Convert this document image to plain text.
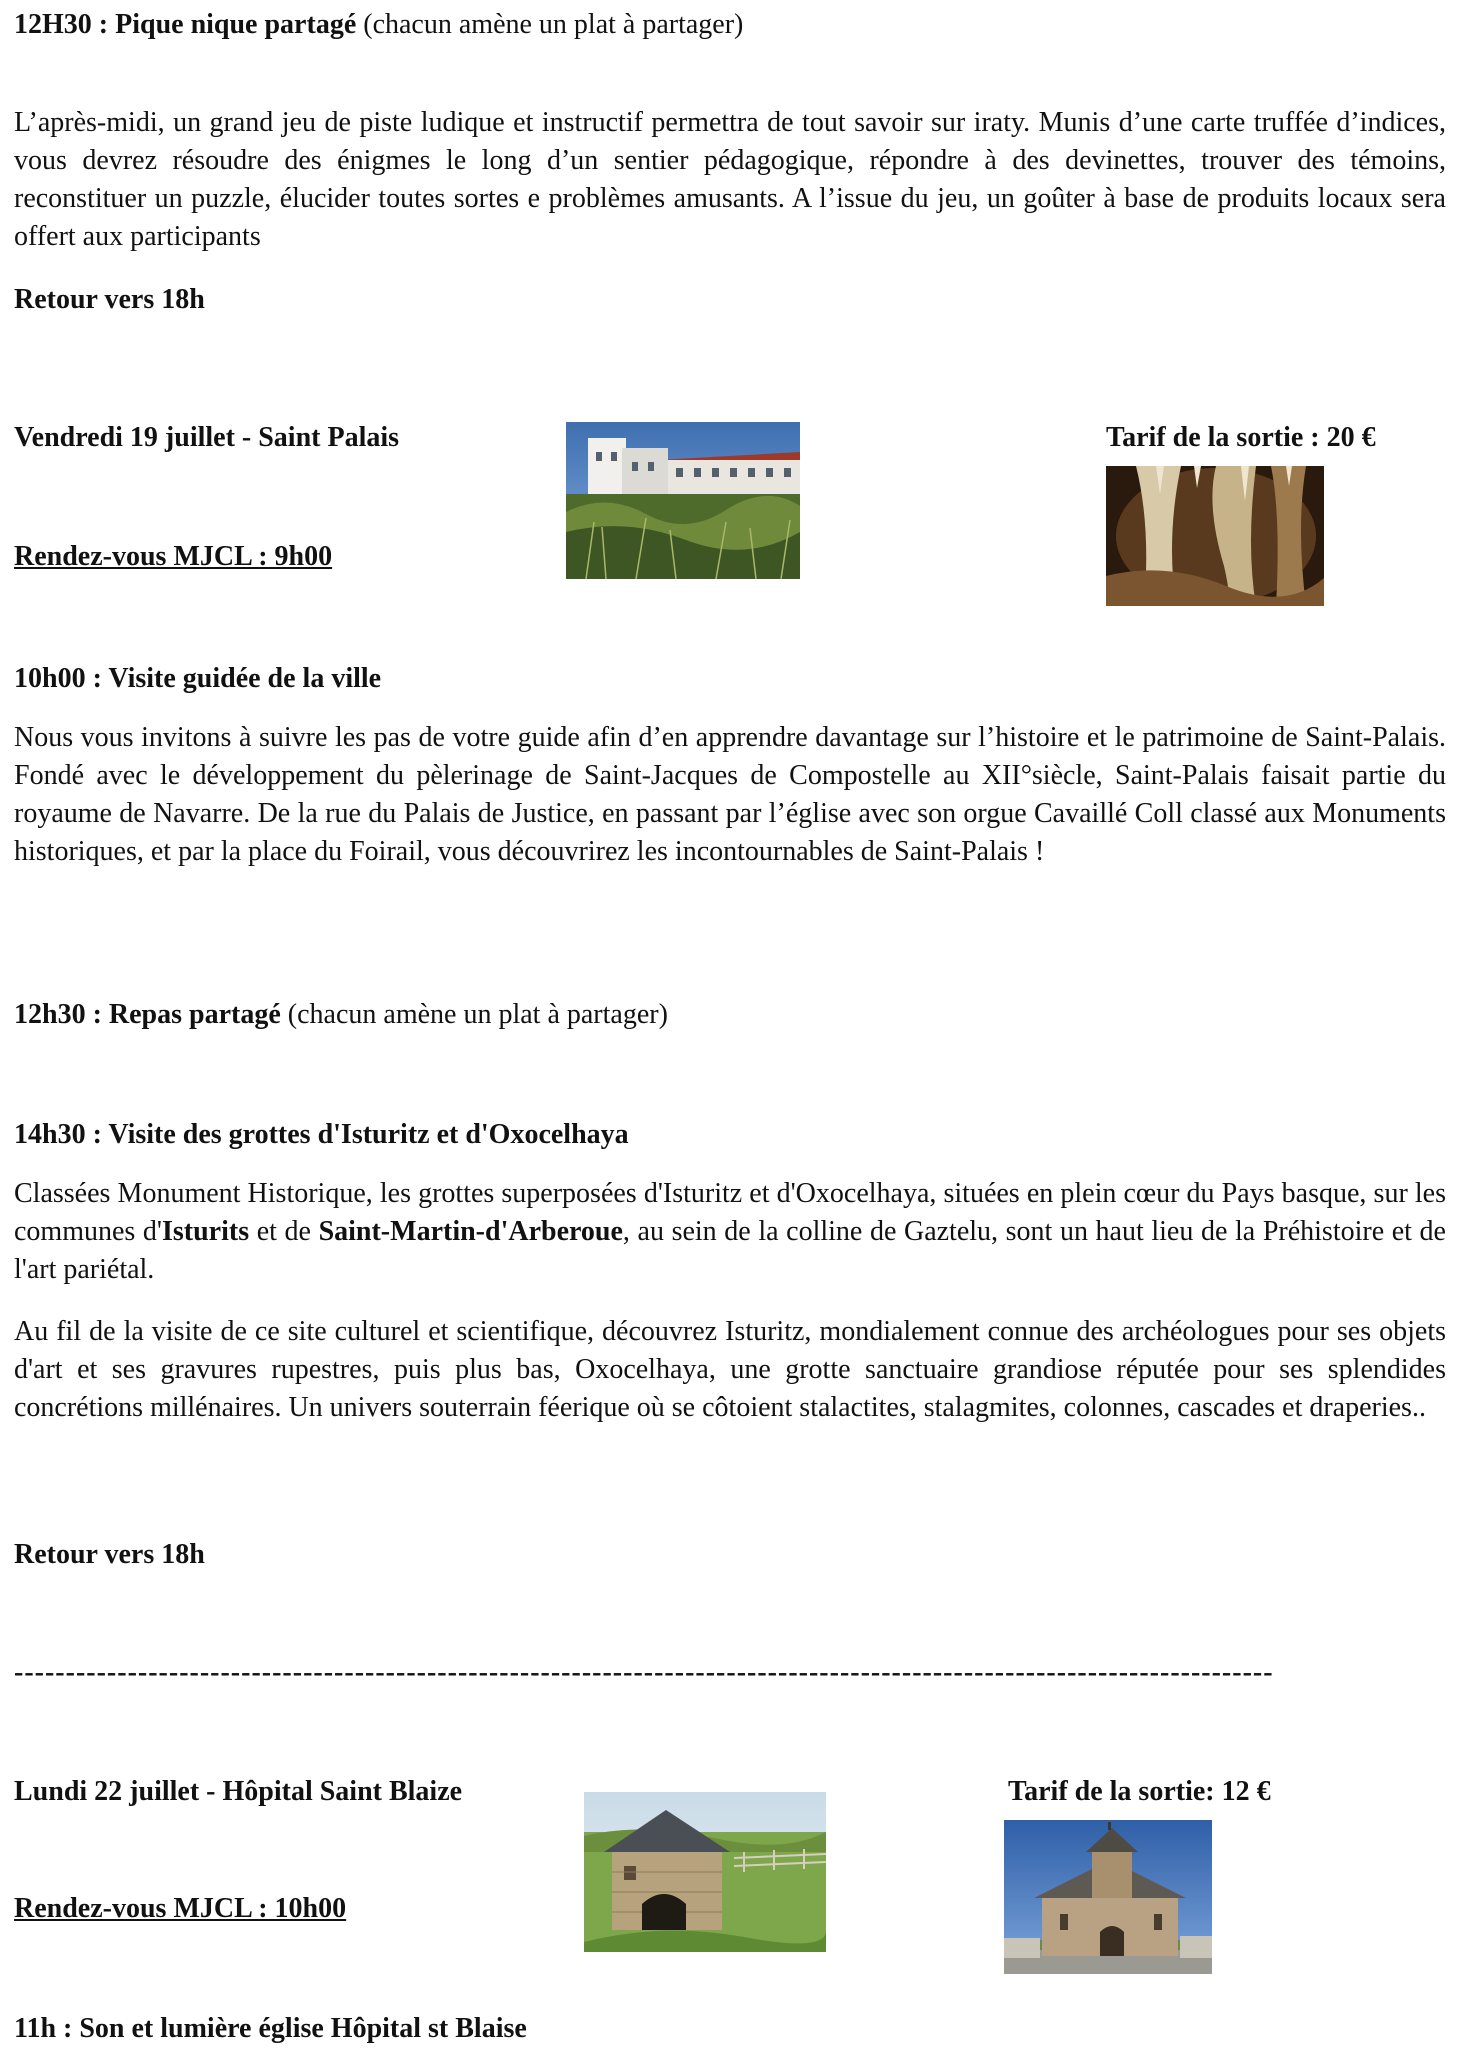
12H30 : Pique nique partagé (chacun amène un plat à partager)

L’après-midi, un grand jeu de piste ludique et instructif permettra de tout savoir sur iraty. Munis d’une carte truffée d’indices, vous devrez résoudre des énigmes le long d’un sentier pédagogique, répondre à des devinettes, trouver des témoins, reconstituer un puzzle, élucider toutes sortes e problèmes amusants. A l’issue du jeu, un goûter à base de produits locaux sera offert aux participants

Retour vers 18h

Vendredi 19 juillet - Saint Palais	Tarif de la sortie : 20 €

Rendez-vous MJCL : 9h00

10h00 : Visite guidée de la ville

Nous vous invitons à suivre les pas de votre guide afin d’en apprendre davantage sur l’histoire et le patrimoine de Saint-Palais. Fondé avec le développement du pèlerinage de Saint-Jacques de Compostelle au XII°siècle, Saint-Palais faisait partie du royaume de Navarre. De la rue du Palais de Justice, en passant par l’église avec son orgue Cavaillé Coll classé aux Monuments historiques, et par la place du Foirail, vous découvrirez les incontournables de Saint-Palais !

12h30 : Repas partagé (chacun amène un plat à partager)

14h30 : Visite des grottes d'Isturitz et d'Oxocelhaya

Classées Monument Historique, les grottes superposées d'Isturitz et d'Oxocelhaya, situées en plein cœur du Pays basque, sur les communes d'Isturits et de Saint-Martin-d'Arberoue, au sein de la colline de Gaztelu, sont un haut lieu de la Préhistoire et de l'art pariétal.

Au fil de la visite de ce site culturel et scientifique, découvrez Isturitz, mondialement connue des archéologues pour ses objets d'art et ses gravures rupestres, puis plus bas, Oxocelhaya, une grotte sanctuaire grandiose réputée pour ses splendides concrétions millénaires. Un univers souterrain féerique où se côtoient stalactites, stalagmites, colonnes, cascades et draperies..

Retour vers 18h

--------------------------------------------------------------------------------------------------------------------------

Lundi 22 juillet - Hôpital Saint Blaize	Tarif de la sortie: 12 €

Rendez-vous MJCL : 10h00

11h : Son et lumière église Hôpital st Blaise
